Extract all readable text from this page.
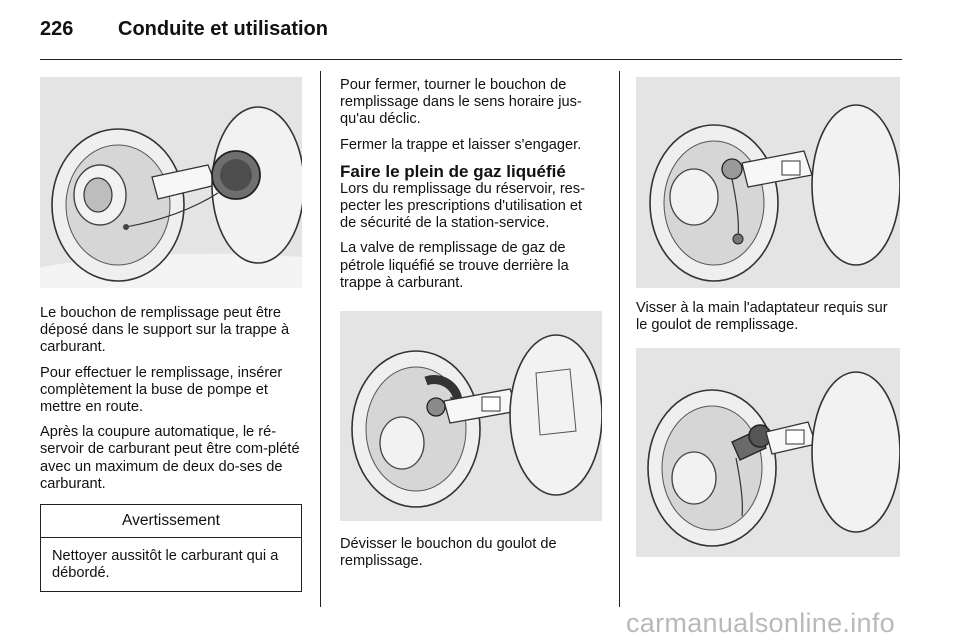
226 Conduite et utilisation

Le bouchon de remplissage peut être déposé dans le support sur la trappe à carburant.

Pour effectuer le remplissage, insérer complètement la buse de pompe et mettre en route.

Après la coupure automatique, le ré-servoir de carburant peut être com-plété avec un maximum de deux do-ses de carburant.

Avertissement
Nettoyer aussitôt le carburant qui a débordé.

Pour fermer, tourner le bouchon de remplissage dans le sens horaire jus-qu'au déclic.

Fermer la trappe et laisser s'engager.

Faire le plein de gaz liquéfié

Lors du remplissage du réservoir, res-pecter les prescriptions d'utilisation et de sécurité de la station-service.

La valve de remplissage de gaz de pétrole liquéfié se trouve derrière la trappe à carburant.

Dévisser le bouchon du goulot de remplissage.

Visser à la main l'adaptateur requis sur le goulot de remplissage.

carmanualsonline.info
